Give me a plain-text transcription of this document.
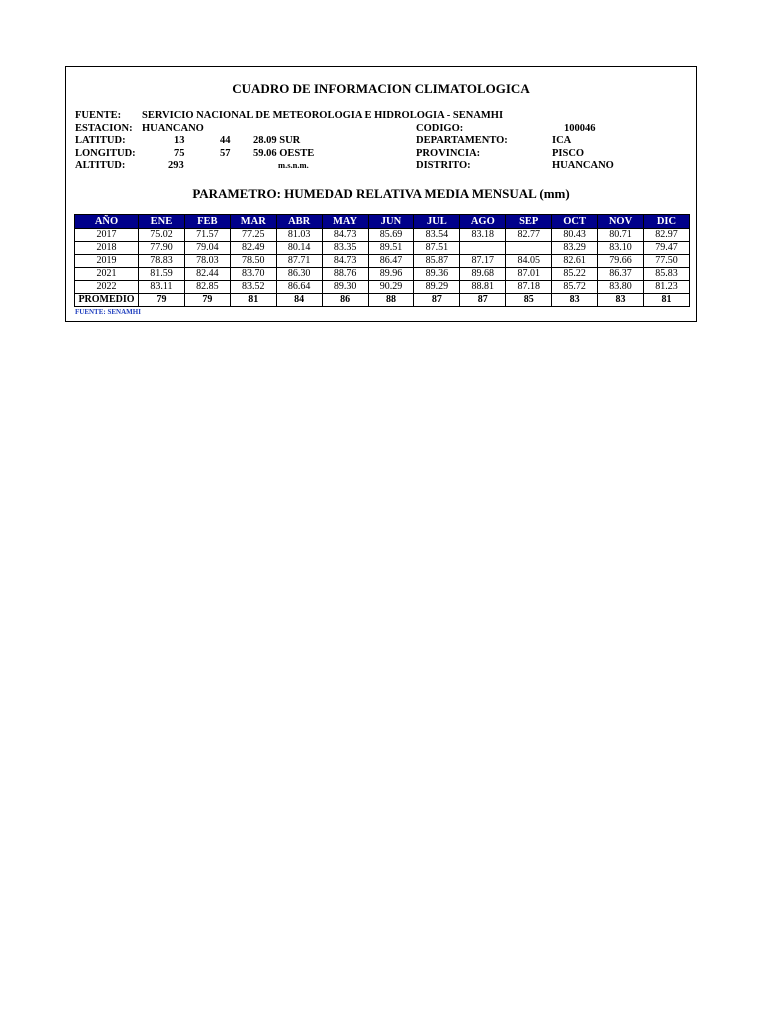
CUADRO DE INFORMACION CLIMATOLOGICA
FUENTE: SERVICIO NACIONAL DE METEOROLOGIA E HIDROLOGIA - SENAMHI
ESTACION: HUANCANO	CODIGO:	100046
LATITUD:	13	44 28.09 SUR	DEPARTAMENTO:	ICA
LONGITUD:	75	57 59.06 OESTE	PROVINCIA:	PISCO
ALTITUD:	293	m.s.n.m.	DISTRITO:	HUANCANO
PARAMETRO: HUMEDAD RELATIVA MEDIA MENSUAL (mm)
AÑO	ENE	FEB	MAR	ABR	MAY	JUN	JUL	AGO	SEP	OCT	NOV	DIC
2017	75.02	71.57	77.25	81.03	84.73	85.69	83.54	83.18	82.77	80.43	80.71	82.97
2018	77.90	79.04	82.49	80.14	83.35	89.51	87.51			83.29	83.10	79.47
2019	78.83	78.03	78.50	87.71	84.73	86.47	85.87	87.17	84.05	82.61	79.66	77.50
2021	81.59	82.44	83.70	86.30	88.76	89.96	89.36	89.68	87.01	85.22	86.37	85.83
2022	83.11	82.85	83.52	86.64	89.30	90.29	89.29	88.81	87.18	85.72	83.80	81.23
PROMEDIO	79	79	81	84	86	88	87	87	85	83	83	81
FUENTE: SENAMHI
